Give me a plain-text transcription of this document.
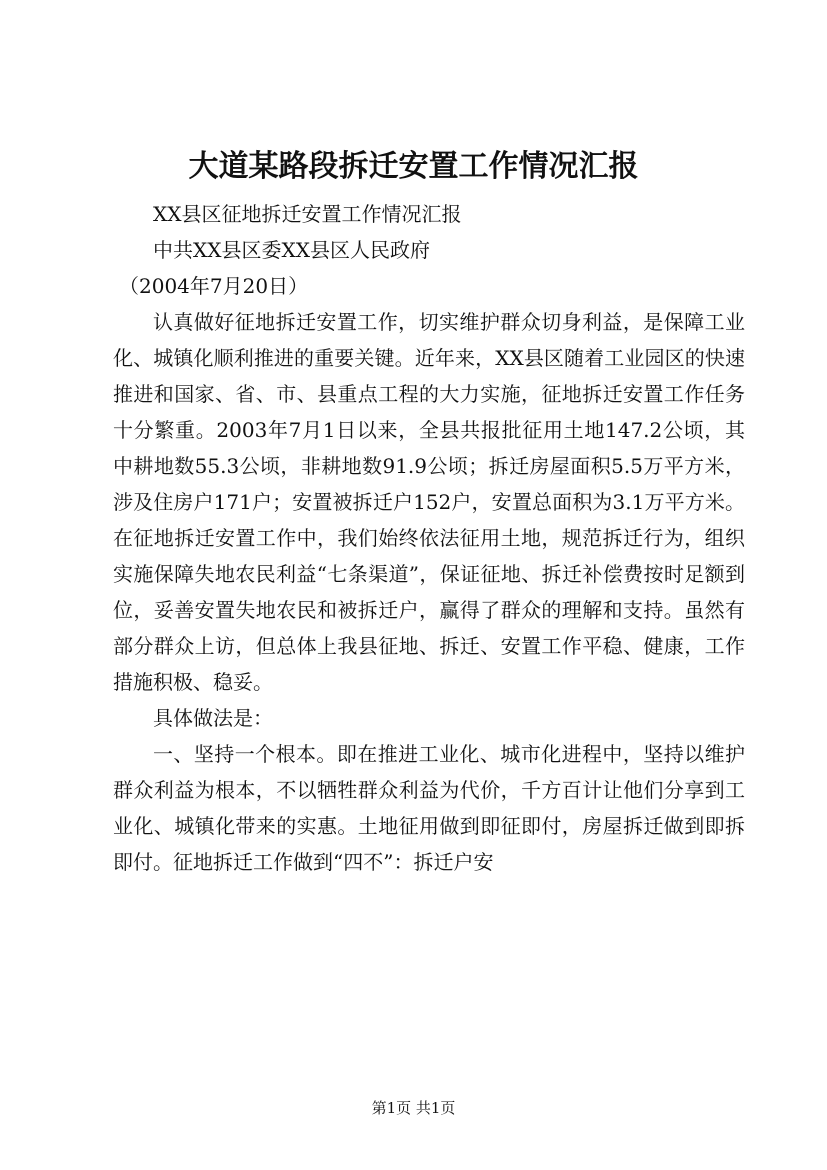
大道某路段拆迁安置工作情况汇报

XX县区征地拆迁安置工作情况汇报

中共XX县区委XX县区人民政府

（2004年7月20日）

认真做好征地拆迁安置工作，切实维护群众切身利益，是保障工业化、城镇化顺利推进的重要关键。近年来，XX县区随着工业园区的快速推进和国家、省、市、县重点工程的大力实施，征地拆迁安置工作任务十分繁重。2003年7月1日以来，全县共报批征用土地147.2公顷，其中耕地数55.3公顷，非耕地数91.9公顷；拆迁房屋面积5.5万平方米，涉及住房户171户；安置被拆迁户152户，安置总面积为3.1万平方米。在征地拆迁安置工作中，我们始终依法征用土地，规范拆迁行为，组织实施保障失地农民利益“七条渠道”，保证征地、拆迁补偿费按时足额到位，妥善安置失地农民和被拆迁户，赢得了群众的理解和支持。虽然有部分群众上访，但总体上我县征地、拆迁、安置工作平稳、健康，工作措施积极、稳妥。

具体做法是：

一、坚持一个根本。即在推进工业化、城市化进程中，坚持以维护群众利益为根本，不以牺牲群众利益为代价，千方百计让他们分享到工业化、城镇化带来的实惠。土地征用做到即征即付，房屋拆迁做到即拆即付。征地拆迁工作做到“四不”：拆迁户安

第1页 共1页
